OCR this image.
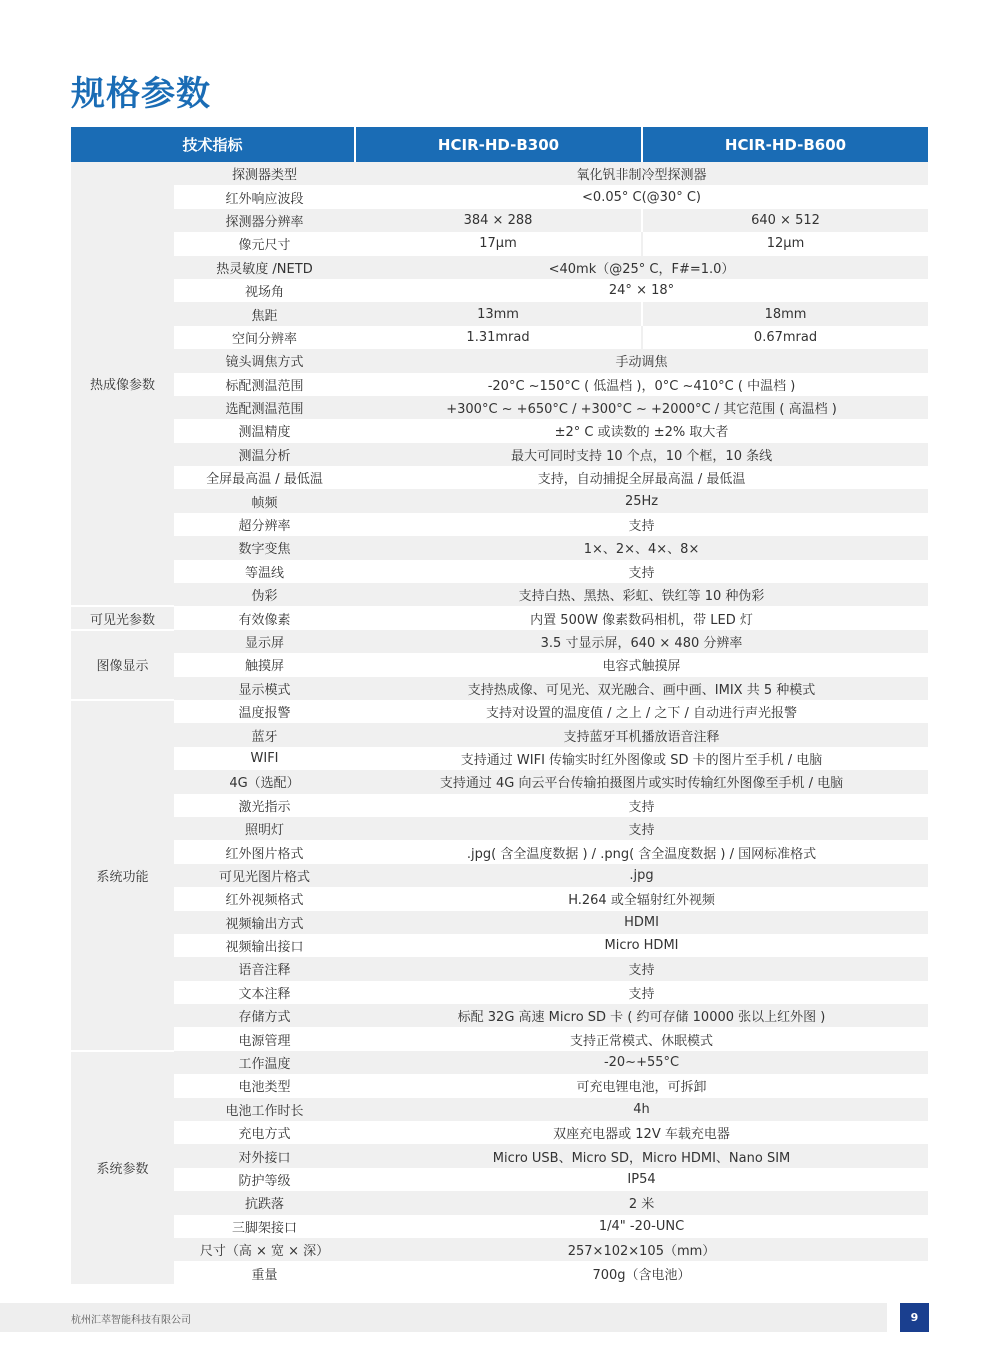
规格参数
技术指标		HCIR-HD-B300	HCIR-HD-B600
热成像参数	探测器类型	氧化钒非制冷型探测器	
	红外响应波段	<0.05° C(@30° C)	
	探测器分辨率	384 × 288	640 × 512
	像元尺寸	17μm	12μm
	热灵敏度 /NETD	<40mk（@25° C，F#=1.0）	
	视场角	24° × 18°	
	焦距	13mm	18mm
	空间分辨率	1.31mrad	0.67mrad
	镜头调焦方式	手动调焦	
	标配测温范围	-20°C ~150°C ( 低温档 )，0°C ~410°C ( 中温档 )	
	选配测温范围	+300°C ~ +650°C / +300°C ~ +2000°C / 其它范围 ( 高温档 )	
	测温精度	±2° C 或读数的 ±2% 取大者	
	测温分析	最大可同时支持 10 个点，10 个框，10 条线	
	全屏最高温 / 最低温	支持，自动捕捉全屏最高温 / 最低温	
	帧频	25Hz	
	超分辨率	支持	
	数字变焦	1×、2×、4×、8×	
	等温线	支持	
	伪彩	支持白热、黑热、彩虹、铁红等 10 种伪彩	
可见光参数	有效像素	内置 500W 像素数码相机，带 LED 灯	
图像显示	显示屏	3.5 寸显示屏，640 × 480 分辨率	
	触摸屏	电容式触摸屏	
	显示模式	支持热成像、可见光、双光融合、画中画、IMIX 共 5 种模式	
系统功能	温度报警	支持对设置的温度值 / 之上 / 之下 / 自动进行声光报警	
	蓝牙	支持蓝牙耳机播放语音注释	
	WIFI	支持通过 WIFI 传输实时红外图像或 SD 卡的图片至手机 / 电脑	
	4G（选配）	支持通过 4G 向云平台传输拍摄图片或实时传输红外图像至手机 / 电脑	
	激光指示	支持	
	照明灯	支持	
	红外图片格式	.jpg( 含全温度数据 ) / .png( 含全温度数据 ) / 国网标准格式	
	可见光图片格式	.jpg	
	红外视频格式	H.264 或全辐射红外视频	
	视频输出方式	HDMI	
	视频输出接口	Micro HDMI	
	语音注释	支持	
	文本注释	支持	
	存储方式	标配 32G 高速 Micro SD 卡 ( 约可存储 10000 张以上红外图 )	
	电源管理	支持正常模式、休眠模式	
系统参数	工作温度	-20~+55°C	
	电池类型	可充电锂电池，可拆卸	
	电池工作时长	4h	
	充电方式	双座充电器或 12V 车载充电器	
	对外接口	Micro USB、Micro SD，Micro HDMI、Nano SIM	
	防护等级	IP54	
	抗跌落	2 米	
	三脚架接口	1/4" -20-UNC	
	尺寸（高 × 宽 × 深）	257×102×105（mm）	
	重量	700g（含电池）	
杭州汇萃智能科技有限公司	9
